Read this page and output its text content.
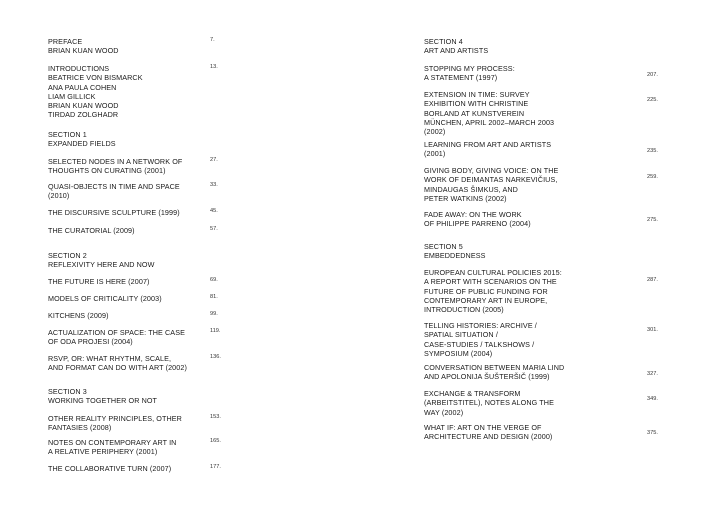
PREFACE
BRIAN KUAN WOOD
7.
INTRODUCTIONS
BEATRICE VON BISMARCK
ANA PAULA COHEN
LIAM GILLICK
BRIAN KUAN WOOD
TIRDAD ZOLGHADR
13.
SECTION 1
EXPANDED FIELDS
SELECTED NODES IN A NETWORK OF
THOUGHTS ON CURATING (2001)
27.
QUASI-OBJECTS IN TIME AND SPACE
(2010)
33.
THE DISCURSIVE SCULPTURE (1999)	45.
THE CURATORIAL (2009)	57.
SECTION 2
REFLEXIVITY HERE AND NOW
THE FUTURE IS HERE (2007)	69.
MODELS OF CRITICALITY (2003)	81.
KITCHENS (2009)	99.
ACTUALIZATION OF SPACE: THE CASE
OF ODA PROJESI (2004)
119.
RSVP, OR: WHAT RHYTHM, SCALE,
AND FORMAT CAN DO WITH ART (2002)
136.
SECTION 3
WORKING TOGETHER OR NOT
OTHER REALITY PRINCIPLES, OTHER
FANTASIES (2008)
153.
NOTES ON CONTEMPORARY ART IN
A RELATIVE PERIPHERY (2001)
165.
THE COLLABORATIVE TURN (2007)	177.
SECTION 4
ART AND ARTISTS
STOPPING MY PROCESS:
A STATEMENT (1997)	207.
EXTENSION IN TIME: SURVEY
EXHIBITION WITH CHRISTINE
BORLAND AT KUNSTVEREIN
MÜNCHEN, APRIL 2002–MARCH 2003
(2002)
225.
LEARNING FROM ART AND ARTISTS
(2001)	235.
GIVING BODY, GIVING VOICE: ON THE
WORK OF DEIMANTAS NARKEVIČIUS,
MINDAUGAS ŠIMKUS, AND
PETER WATKINS (2002)
259.
FADE AWAY: ON THE WORK
OF PHILIPPE PARRENO (2004)	275.
SECTION 5
EMBEDDEDNESS
EUROPEAN CULTURAL POLICIES 2015:
A REPORT WITH SCENARIOS ON THE
FUTURE OF PUBLIC FUNDING FOR
CONTEMPORARY ART IN EUROPE,
INTRODUCTION (2005)
287.
TELLING HISTORIES: ARCHIVE /
SPATIAL SITUATION /
CASE-STUDIES / TALKSHOWS /
SYMPOSIUM (2004)
301.
CONVERSATION BETWEEN MARIA LIND
AND APOLONIJA ŠUŠTERŠIČ (1999)	327.
EXCHANGE & TRANSFORM
(ARBEITSTITEL), NOTES ALONG THE
WAY (2002)
349.
WHAT IF: ART ON THE VERGE OF
ARCHITECTURE AND DESIGN (2000)	375.
